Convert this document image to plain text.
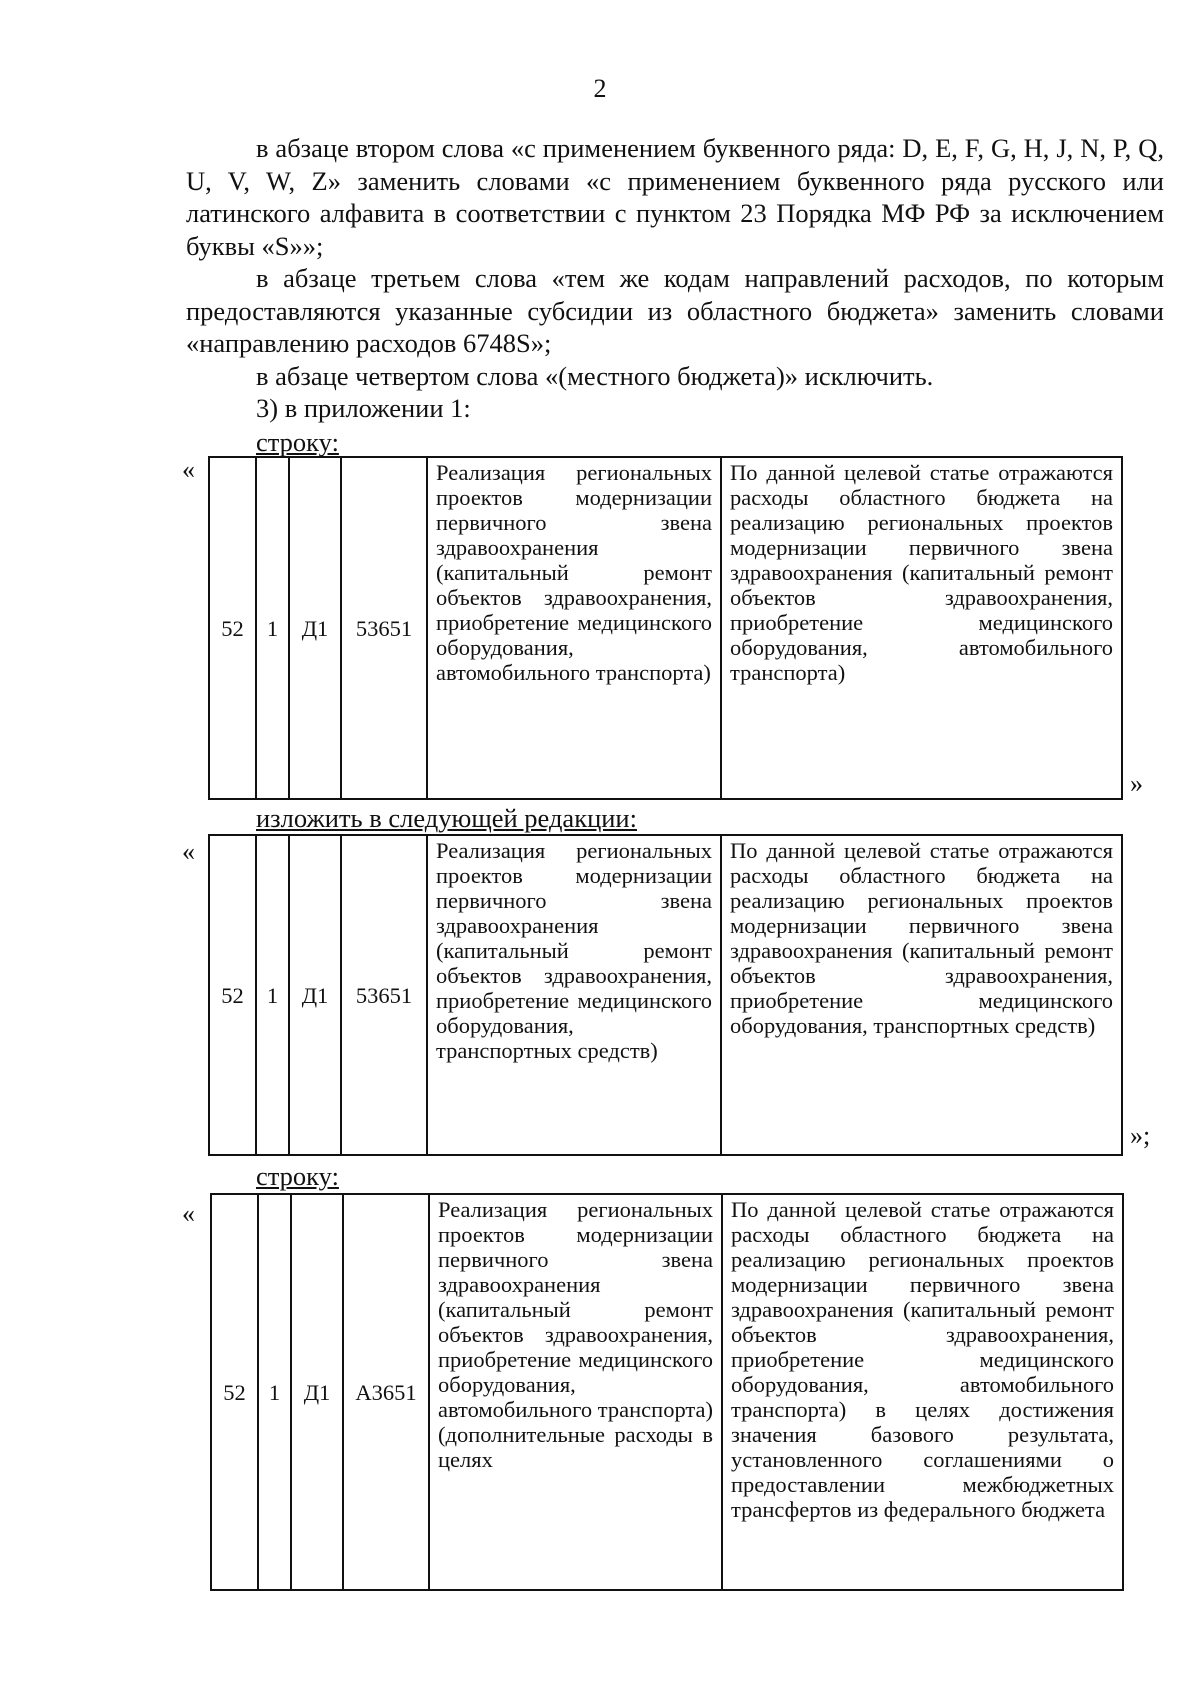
2

в абзаце втором слова «с применением буквенного ряда: D, E, F, G, H, J, N, P, Q, U, V, W, Z» заменить словами «с применением буквенного ряда русского или латинского алфавита в соответствии с пунктом 23 Порядка МФ РФ за исключением буквы «S»»;

в абзаце третьем слова «тем же кодам направлений расходов, по которым предоставляются указанные субсидии из областного бюджета» заменить словами «направлению расходов 6748S»;

в абзаце четвертом слова «(местного бюджета)» исключить.

3) в приложении 1:

строку:
«
52	1	Д1	53651	Реализация региональных проектов модернизации первичного звена здравоохранения (капитальный ремонт объектов здравоохранения, приобретение медицинского оборудования, автомобильного транспорта)	По данной целевой статье отражаются расходы областного бюджета на реализацию региональных проектов модернизации первичного звена здравоохранения (капитальный ремонт объектов здравоохранения, приобретение медицинского оборудования, автомобильного транспорта)
»
изложить в следующей редакции:
«
52	1	Д1	53651	Реализация региональных проектов модернизации первичного звена здравоохранения (капитальный ремонт объектов здравоохранения, приобретение медицинского оборудования, транспортных средств)	По данной целевой статье отражаются расходы областного бюджета на реализацию региональных проектов модернизации первичного звена здравоохранения (капитальный ремонт объектов здравоохранения, приобретение медицинского оборудования, транспортных средств)
»;
строку:
«
52	1	Д1	А3651	Реализация региональных проектов модернизации первичного звена здравоохранения (капитальный ремонт объектов здравоохранения, приобретение медицинского оборудования, автомобильного транспорта) (дополнительные расходы в целях	По данной целевой статье отражаются расходы областного бюджета на реализацию региональных проектов модернизации первичного звена здравоохранения (капитальный ремонт объектов здравоохранения, приобретение медицинского оборудования, автомобильного транспорта) в целях достижения значения базового результата, установленного соглашениями о предоставлении межбюджетных трансфертов из федерального бюджета
